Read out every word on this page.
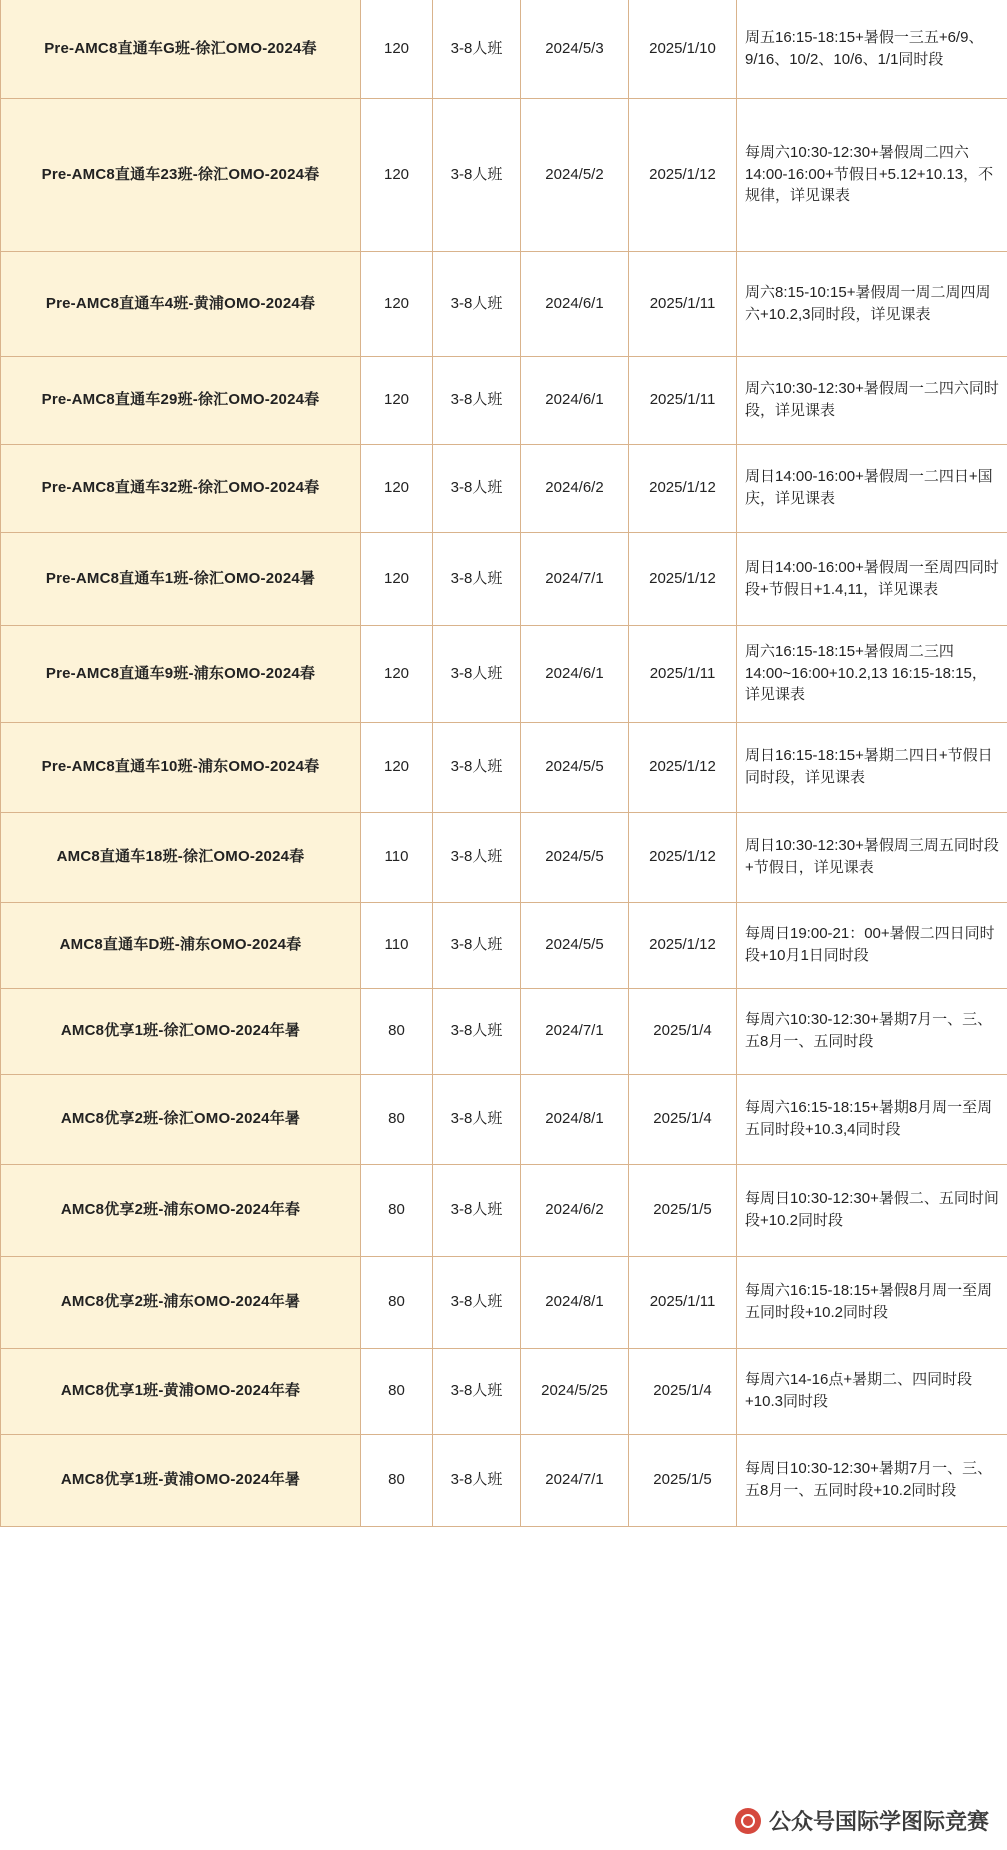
Pre-AMC8直通车G班-徐汇OMO-2024春	120	3-8人班	2024/5/3	2025/1/10	周五16:15-18:15+暑假一三五+6/9、9/16、10/2、10/6、1/1同时段
Pre-AMC8直通车23班-徐汇OMO-2024春	120	3-8人班	2024/5/2	2025/1/12	每周六10:30-12:30+暑假周二四六14:00-16:00+节假日+5.12+10.13，不规律，详见课表
Pre-AMC8直通车4班-黄浦OMO-2024春	120	3-8人班	2024/6/1	2025/1/11	周六8:15-10:15+暑假周一周二周四周六+10.2,3同时段，详见课表
Pre-AMC8直通车29班-徐汇OMO-2024春	120	3-8人班	2024/6/1	2025/1/11	周六10:30-12:30+暑假周一二四六同时段，详见课表
Pre-AMC8直通车32班-徐汇OMO-2024春	120	3-8人班	2024/6/2	2025/1/12	周日14:00-16:00+暑假周一二四日+国庆，详见课表
Pre-AMC8直通车1班-徐汇OMO-2024暑	120	3-8人班	2024/7/1	2025/1/12	周日14:00-16:00+暑假周一至周四同时段+节假日+1.4,11，详见课表
Pre-AMC8直通车9班-浦东OMO-2024春	120	3-8人班	2024/6/1	2025/1/11	周六16:15-18:15+暑假周二三四14:00~16:00+10.2,13 16:15-18:15，详见课表
Pre-AMC8直通车10班-浦东OMO-2024春	120	3-8人班	2024/5/5	2025/1/12	周日16:15-18:15+暑期二四日+节假日同时段，详见课表
AMC8直通车18班-徐汇OMO-2024春	110	3-8人班	2024/5/5	2025/1/12	周日10:30-12:30+暑假周三周五同时段+节假日，详见课表
AMC8直通车D班-浦东OMO-2024春	110	3-8人班	2024/5/5	2025/1/12	每周日19:00-21：00+暑假二四日同时段+10月1日同时段
AMC8优享1班-徐汇OMO-2024年暑	80	3-8人班	2024/7/1	2025/1/4	每周六10:30-12:30+暑期7月一、三、五8月一、五同时段
AMC8优享2班-徐汇OMO-2024年暑	80	3-8人班	2024/8/1	2025/1/4	每周六16:15-18:15+暑期8月周一至周五同时段+10.3,4同时段
AMC8优享2班-浦东OMO-2024年春	80	3-8人班	2024/6/2	2025/1/5	每周日10:30-12:30+暑假二、五同时间段+10.2同时段
AMC8优享2班-浦东OMO-2024年暑	80	3-8人班	2024/8/1	2025/1/11	每周六16:15-18:15+暑假8月周一至周五同时段+10.2同时段
AMC8优享1班-黄浦OMO-2024年春	80	3-8人班	2024/5/25	2025/1/4	每周六14-16点+暑期二、四同时段+10.3同时段
AMC8优享1班-黄浦OMO-2024年暑	80	3-8人班	2024/7/1	2025/1/5	每周日10:30-12:30+暑期7月一、三、五8月一、五同时段+10.2同时段
公众号国际学图际竞赛
